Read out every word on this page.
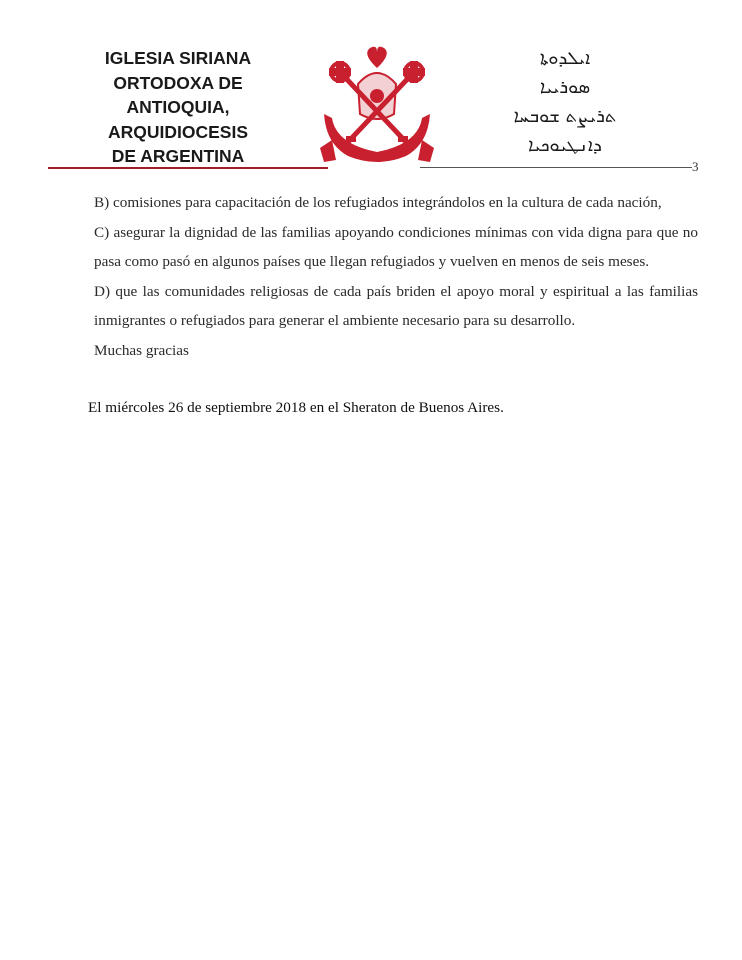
IGLESIA SIRIANA
ORTODOXA DE
ANTIOQUIA,
ARQUIDIOCESIS
DE ARGENTINA
ܐܝܠܕܘܬܐ
ܣܘܪܝܝܐ
ܬܪܝܨܬ ܫܘܒܚܐ
ܕܐܢܛܝܘܟܝܐ
3
B) comisiones para capacitación de los refugiados integrándolos en la cultura de cada nación,
C) asegurar la dignidad de las familias apoyando condiciones mínimas con vida digna para que no pasa como pasó en algunos países que llegan refugiados y vuelven en menos de seis meses.
D) que las comunidades religiosas de cada país briden el apoyo moral y espiritual a las familias inmigrantes o refugiados para generar el ambiente necesario para su desarrollo.
Muchas gracias
El miércoles 26 de septiembre 2018 en el Sheraton de Buenos Aires.
